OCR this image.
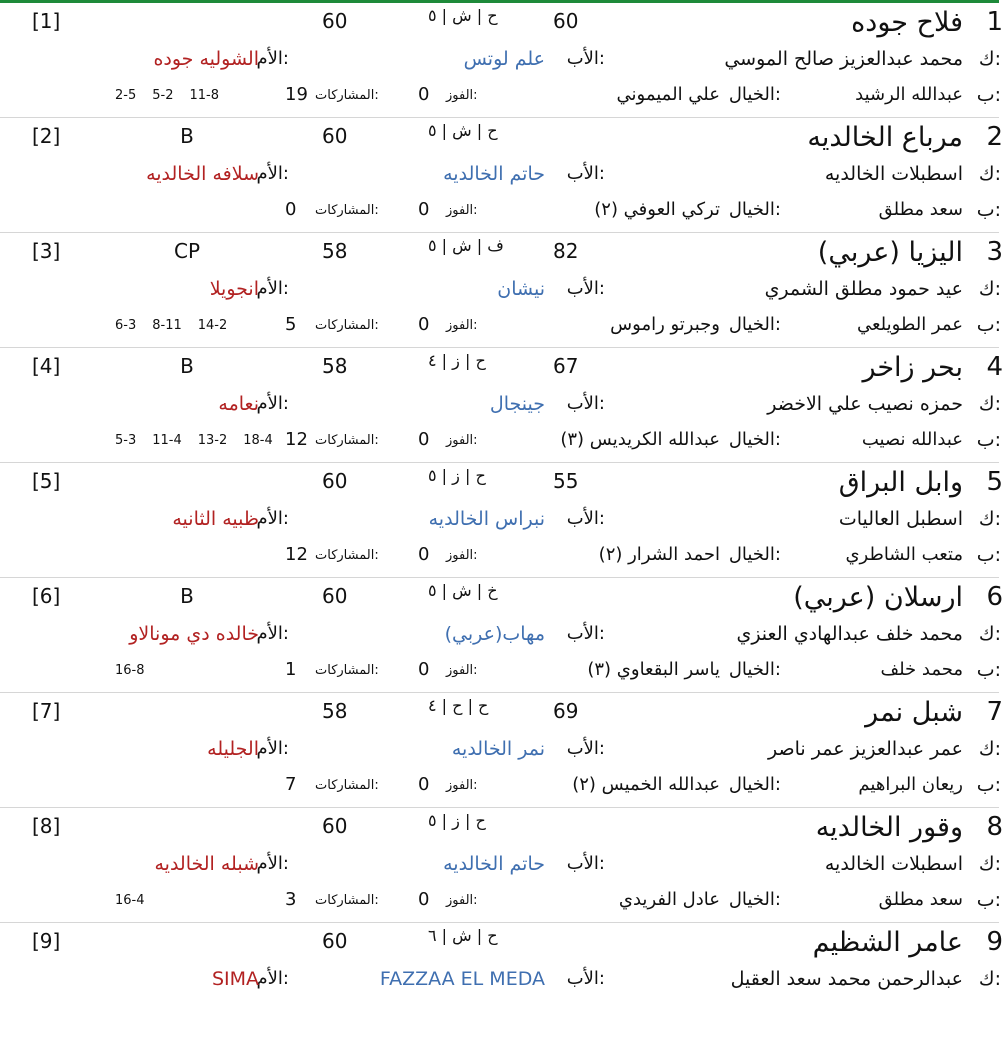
1
فلاح جوده
60
ح | ش | ٥
60
[1]
ك:
محمد عبدالعزيز صالح الموسي
الأب:
علم لوتس
الأم:
الشوليه جوده
ب:
عبدالله الرشيد
الخيال:
علي الميموني
الفوز:
0
المشاركات:
19
2-5 5-2 11-8
2
مرباع الخالديه
ح | ش | ٥
60
B
[2]
ك:
اسطبلات الخالديه
الأب:
حاتم الخالديه
الأم:
سلافه الخالديه
ب:
سعد مطلق
الخيال:
تركي العوفي (٢)
الفوز:
0
المشاركات:
0
3
اليزيا (عربي)
82
ف | ش | ٥
58
CP
[3]
ك:
عيد حمود مطلق الشمري
الأب:
نيشان
الأم:
انجويلا
ب:
عمر الطويلعي
الخيال:
وجبرتو راموس
الفوز:
0
المشاركات:
5
6-3 8-11 14-2
4
بحر زاخر
67
ح | ز | ٤
58
B
[4]
ك:
حمزه نصيب علي الاخضر
الأب:
جينجال
الأم:
نعامه
ب:
عبدالله نصيب
الخيال:
عبدالله الكريديس (٣)
الفوز:
0
المشاركات:
12
5-3 11-4 13-2 18-4
5
وابل البراق
55
ح | ز | ٥
60
[5]
ك:
اسطبل العاليات
الأب:
نبراس الخالديه
الأم:
ظبيه الثانيه
ب:
متعب الشاطري
الخيال:
احمد الشرار (٢)
الفوز:
0
المشاركات:
12
6
ارسلان (عربي)
خ | ش | ٥
60
B
[6]
ك:
محمد خلف عبدالهادي العنزي
الأب:
مهاب(عربي)
الأم:
خالده دي مونالاو
ب:
محمد خلف
الخيال:
ياسر البقعاوي (٣)
الفوز:
0
المشاركات:
1
16-8
7
شبل نمر
69
ح | ح | ٤
58
[7]
ك:
عمر عبدالعزيز عمر ناصر
الأب:
نمر الخالديه
الأم:
الجليله
ب:
ريعان البراهيم
الخيال:
عبدالله الخميس (٢)
الفوز:
0
المشاركات:
7
8
وقور الخالديه
ح | ز | ٥
60
[8]
ك:
اسطبلات الخالديه
الأب:
حاتم الخالديه
الأم:
شبله الخالديه
ب:
سعد مطلق
الخيال:
عادل الفريدي
الفوز:
0
المشاركات:
3
16-4
9
عامر الشظيم
ح | ش | ٦
60
[9]
ك:
عبدالرحمن محمد سعد العقيل
الأب:
FAZZAA EL MEDA
الأم:
SIMA
